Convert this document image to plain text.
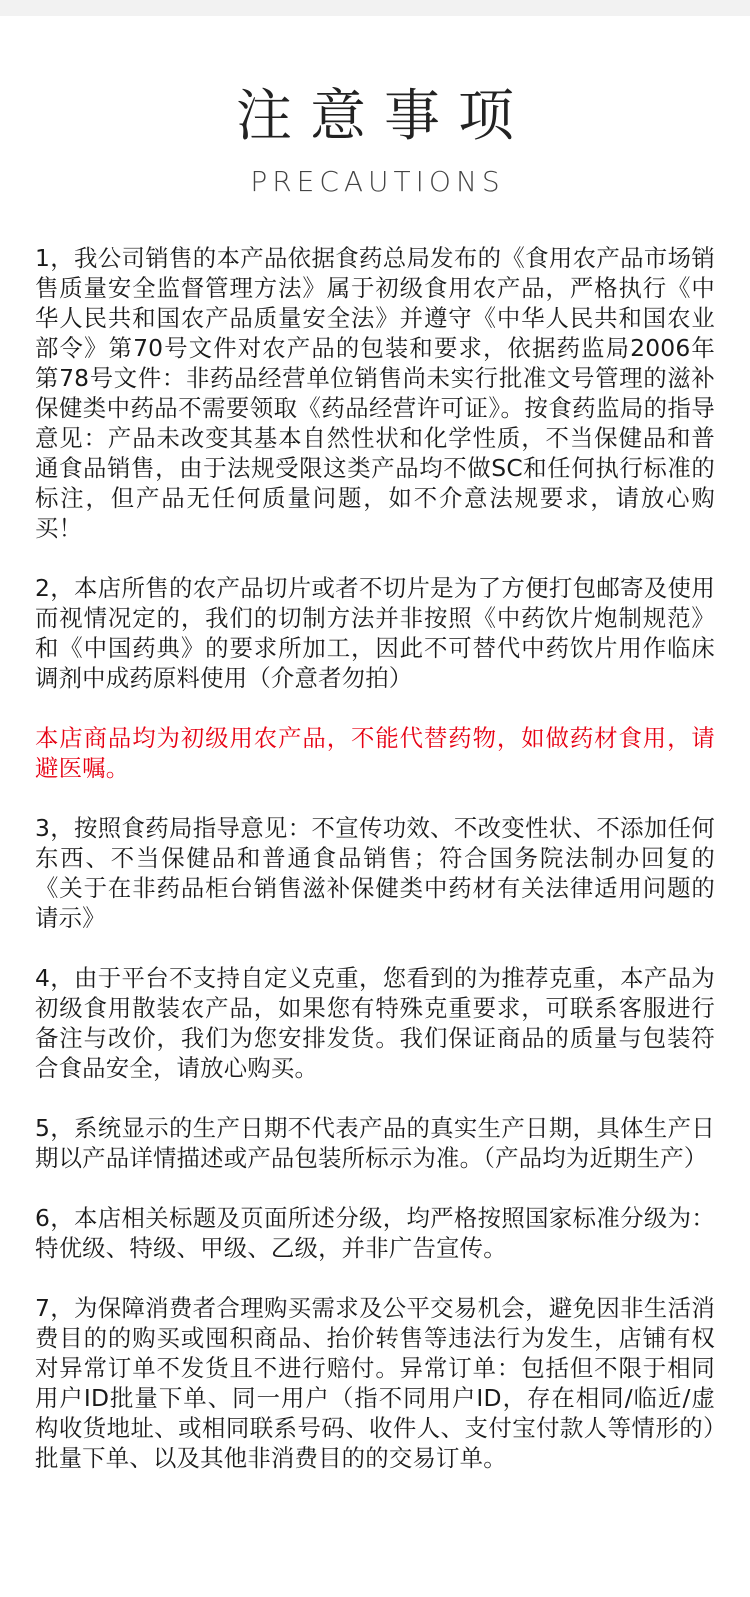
注意事项
PRECAUTIONS

1，我公司销售的本产品依据食药总局发布的《食用农产品市场销售质量安全监督管理方法》属于初级食用农产品，严格执行《中华人民共和国农产品质量安全法》并遵守《中华人民共和国农业部令》第70号文件对农产品的包装和要求，依据药监局2006年第78号文件：非药品经营单位销售尚未实行批准文号管理的滋补保健类中药品不需要领取《药品经营许可证》。按食药监局的指导意见：产品未改变其基本自然性状和化学性质，不当保健品和普通食品销售，由于法规受限这类产品均不做SC和任何执行标准的标注，但产品无任何质量问题，如不介意法规要求，请放心购买！

2，本店所售的农产品切片或者不切片是为了方便打包邮寄及使用而视情况定的，我们的切制方法并非按照《中药饮片炮制规范》和《中国药典》的要求所加工，因此不可替代中药饮片用作临床调剂中成药原料使用（介意者勿拍）

本店商品均为初级用农产品，不能代替药物，如做药材食用，请避医嘱。

3，按照食药局指导意见：不宣传功效、不改变性状、不添加任何东西、不当保健品和普通食品销售；符合国务院法制办回复的《关于在非药品柜台销售滋补保健类中药材有关法律适用问题的请示》

4，由于平台不支持自定义克重，您看到的为推荐克重，本产品为初级食用散装农产品，如果您有特殊克重要求，可联系客服进行备注与改价，我们为您安排发货。我们保证商品的质量与包装符合食品安全，请放心购买。

5，系统显示的生产日期不代表产品的真实生产日期，具体生产日期以产品详情描述或产品包装所标示为准。（产品均为近期生产）

6，本店相关标题及页面所述分级，均严格按照国家标准分级为：特优级、特级、甲级、乙级，并非广告宣传。

7，为保障消费者合理购买需求及公平交易机会，避免因非生活消费目的的购买或囤积商品、抬价转售等违法行为发生，店铺有权对异常订单不发货且不进行赔付。异常订单：包括但不限于相同用户ID批量下单、同一用户（指不同用户ID，存在相同/临近/虚构收货地址、或相同联系号码、收件人、支付宝付款人等情形的）批量下单、以及其他非消费目的的交易订单。
